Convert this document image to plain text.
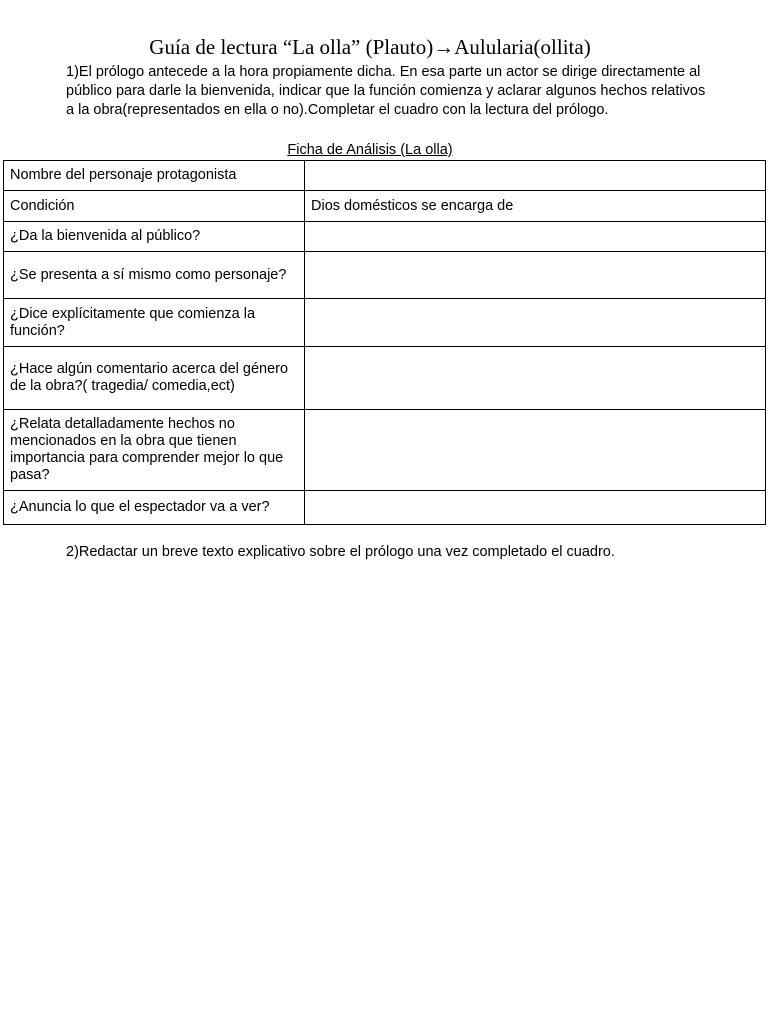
Guía de lectura “La olla” (Plauto)→Aulularia(ollita)

1)El prólogo antecede a la hora propiamente dicha. En esa parte un actor se dirige directamente al público para darle la bienvenida, indicar que la función comienza y aclarar algunos hechos relativos a la obra(representados en ella o no).Completar el cuadro con la lectura del prólogo.

Ficha de Análisis (La olla)
Nombre del personaje protagonista	
Condición	Dios domésticos se encarga de
¿Da la bienvenida al público?	
¿Se presenta a sí mismo como personaje?	
¿Dice explícitamente que comienza la función?	
¿Hace algún comentario acerca del género de la obra?( tragedia/ comedia,ect)	
¿Relata detalladamente hechos no mencionados en la obra que tienen importancia para comprender mejor lo que pasa?	
¿Anuncia lo que el espectador va a ver?	

2)Redactar un breve texto explicativo sobre el prólogo una vez completado el cuadro.
